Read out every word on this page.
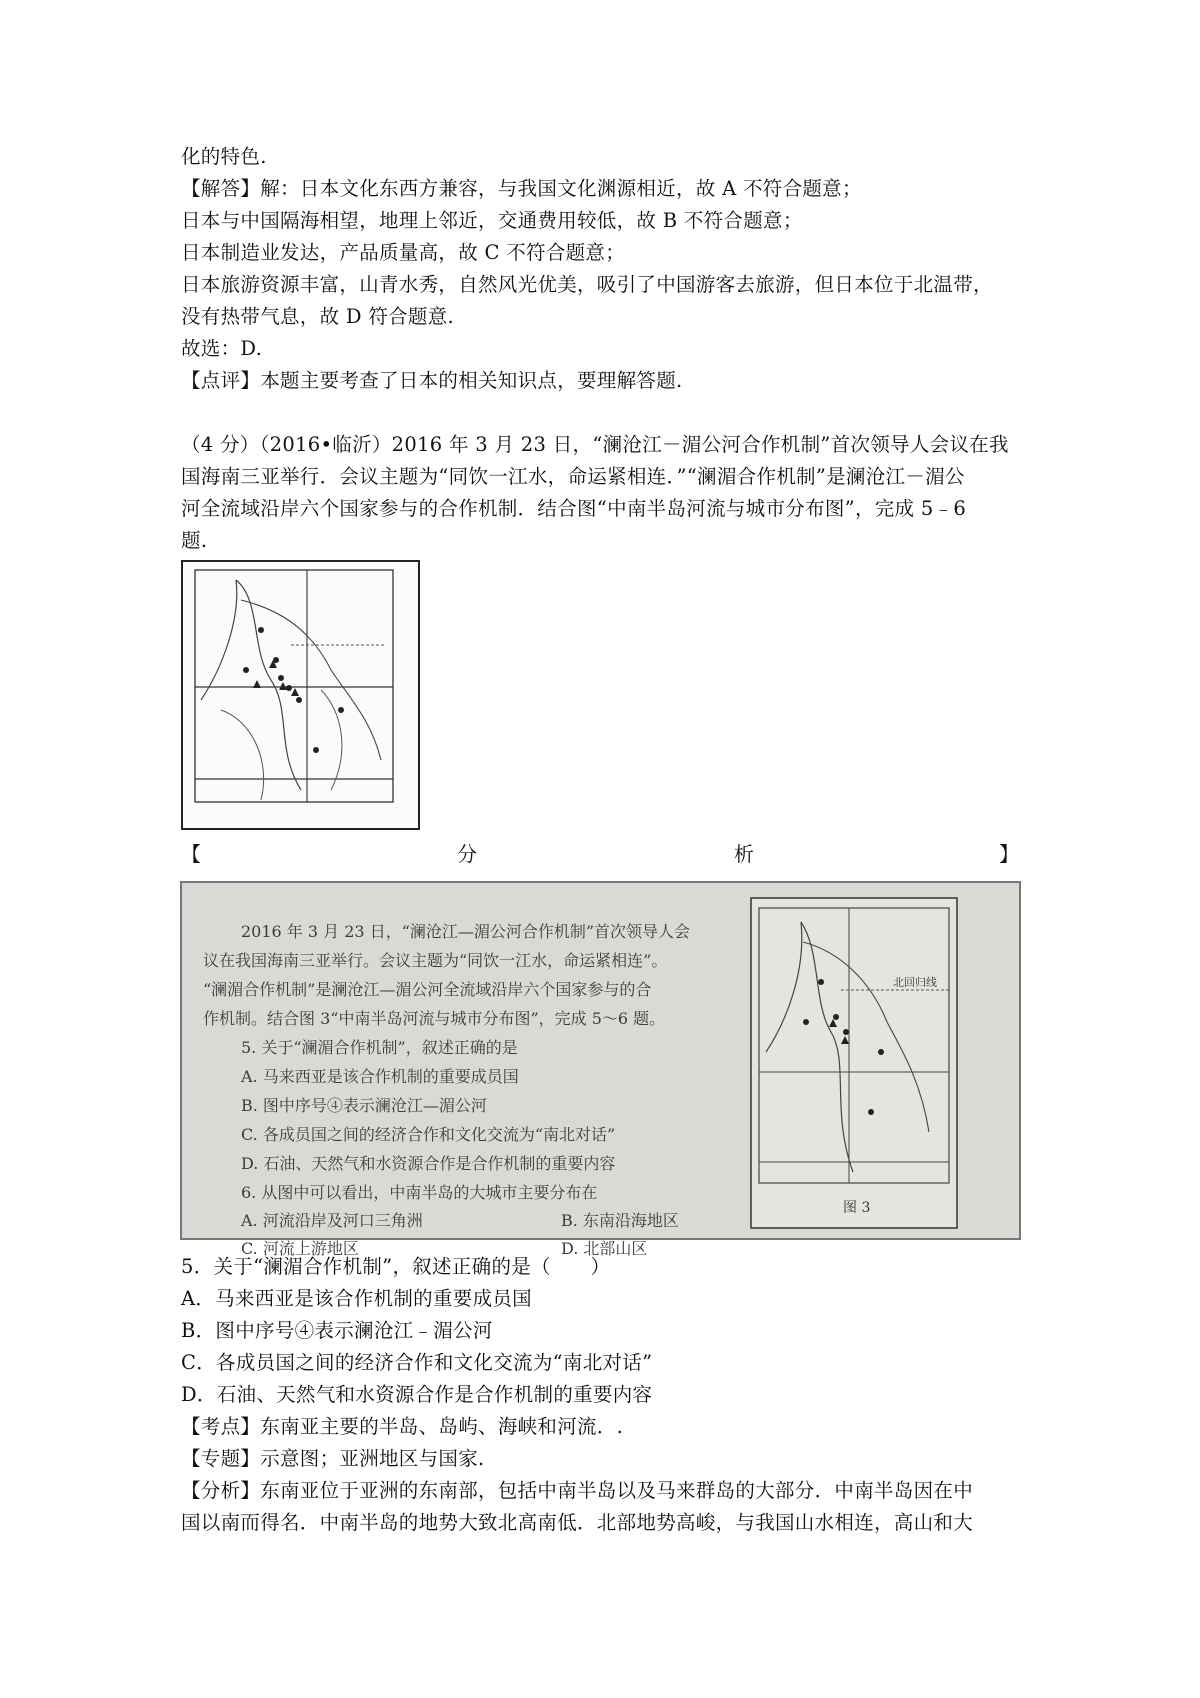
化的特色.
【解答】解：日本文化东西方兼容，与我国文化渊源相近，故 A 不符合题意；
日本与中国隔海相望，地理上邻近，交通费用较低，故 B 不符合题意；
日本制造业发达，产品质量高，故 C 不符合题意；
日本旅游资源丰富，山青水秀，自然风光优美，吸引了中国游客去旅游，但日本位于北温带，
没有热带气息，故 D 符合题意.
故选：D.
【点评】本题主要考查了日本的相关知识点，要理解答题.
（4 分）（2016•临沂）2016 年 3 月 23 日，“澜沧江－湄公河合作机制”首次领导人会议在我
国海南三亚举行．会议主题为“同饮一江水，命运紧相连．”“澜湄合作机制”是澜沧江－湄公
河全流域沿岸六个国家参与的合作机制．结合图“中南半岛河流与城市分布图”，完成 5﹣6
题.
【	分	析	】
2016 年 3 月 23 日，“澜沧江—湄公河合作机制”首次领导人会
议在我国海南三亚举行。会议主题为“同饮一江水，命运紧相连”。
“澜湄合作机制”是澜沧江—湄公河全流域沿岸六个国家参与的合
作机制。结合图 3“中南半岛河流与城市分布图”，完成 5～6 题。
5. 关于“澜湄合作机制”，叙述正确的是
A. 马来西亚是该合作机制的重要成员国
B. 图中序号④表示澜沧江—湄公河
C. 各成员国之间的经济合作和文化交流为“南北对话”
D. 石油、天然气和水资源合作是合作机制的重要内容
6. 从图中可以看出，中南半岛的大城市主要分布在
A. 河流沿岸及河口三角洲
C. 河流上游地区
B. 东南沿海地区
D. 北部山区
北回归线
图 3
5．关于“澜湄合作机制”，叙述正确的是（　　）
A．马来西亚是该合作机制的重要成员国
B．图中序号④表示澜沧江﹣湄公河
C．各成员国之间的经济合作和文化交流为“南北对话”
D．石油、天然气和水资源合作是合作机制的重要内容
【考点】东南亚主要的半岛、岛屿、海峡和河流．.
【专题】示意图；亚洲地区与国家.
【分析】东南亚位于亚洲的东南部，包括中南半岛以及马来群岛的大部分．中南半岛因在中
国以南而得名．中南半岛的地势大致北高南低．北部地势高峻，与我国山水相连，高山和大
